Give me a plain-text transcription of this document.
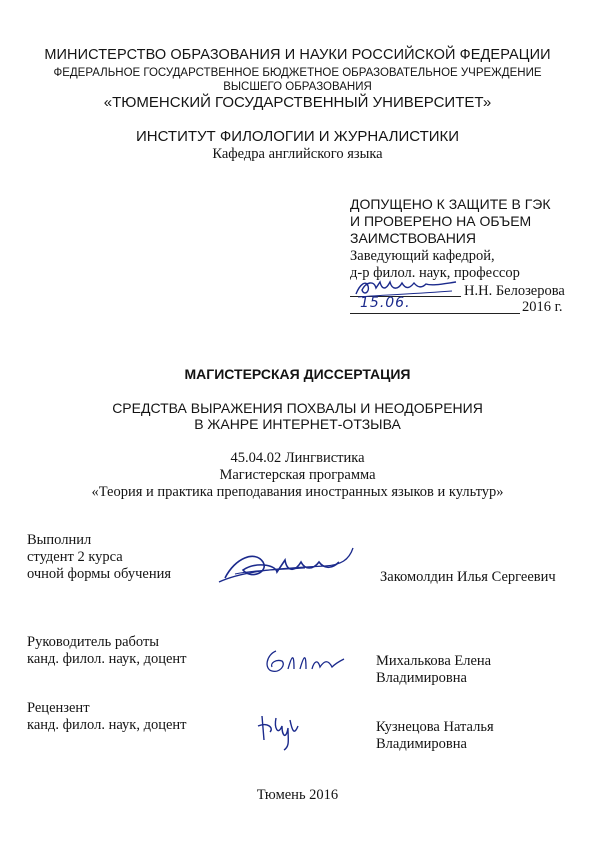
МИНИСТЕРСТВО ОБРАЗОВАНИЯ И НАУКИ РОССИЙСКОЙ ФЕДЕРАЦИИ
ФЕДЕРАЛЬНОЕ ГОСУДАРСТВЕННОЕ БЮДЖЕТНОЕ ОБРАЗОВАТЕЛЬНОЕ УЧРЕЖДЕНИЕ
ВЫСШЕГО ОБРАЗОВАНИЯ
«ТЮМЕНСКИЙ ГОСУДАРСТВЕННЫЙ УНИВЕРСИТЕТ»
ИНСТИТУТ ФИЛОЛОГИИ И ЖУРНАЛИСТИКИ
Кафедра английского языка
ДОПУЩЕНО К ЗАЩИТЕ В ГЭК
И ПРОВЕРЕНО НА ОБЪЕМ
ЗАИМСТВОВАНИЯ
Заведующий кафедрой,
д-р филол. наук, профессор
Н.Н. Белозерова
15.06.	2016 г.
МАГИСТЕРСКАЯ ДИССЕРТАЦИЯ
СРЕДСТВА ВЫРАЖЕНИЯ ПОХВАЛЫ И НЕОДОБРЕНИЯ
В ЖАНРЕ ИНТЕРНЕТ-ОТЗЫВА
45.04.02 Лингвистика
Магистерская программа
«Теория и практика преподавания иностранных языков и культур»
Выполнил
студент 2 курса
очной формы обучения	Закомолдин Илья Сергеевич
Руководитель работы
канд. филол. наук, доцент	Михалькова Елена
Владимировна
Рецензент
канд. филол. наук, доцент	Кузнецова Наталья
Владимировна
Тюмень 2016
